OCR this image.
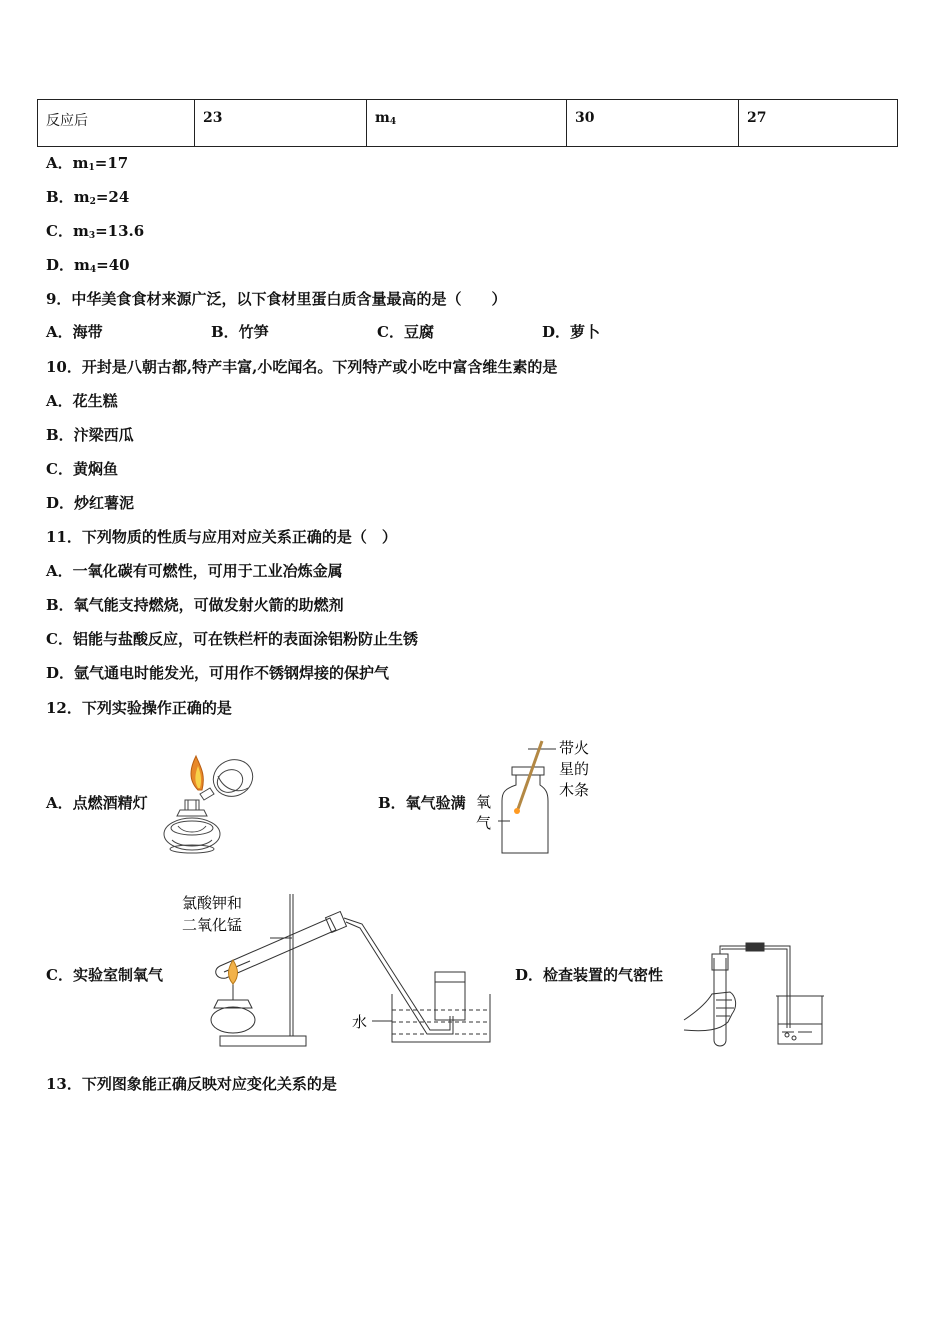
反应后	23	$m_4$	30	27
A．$m_1=17$
B．$m_2=24$
C．$m_3=13.6$
D．$m_4=40$
9．中华美食食材来源广泛，以下食材里蛋白质含量最高的是（　　）
A．海带	B．竹笋	C．豆腐	D．萝卜
10．开封是八朝古都,特产丰富,小吃闻名。下列特产或小吃中富含维生素的是
A．花生糕
B．汴梁西瓜
C．黄焖鱼
D．炒红薯泥
11．下列物质的性质与应用对应关系正确的是（　）
A．一氧化碳有可燃性，可用于工业冶炼金属
B．氧气能支持燃烧，可做发射火箭的助燃剂
C．铝能与盐酸反应，可在铁栏杆的表面涂铝粉防止生锈
D．氩气通电时能发光，可用作不锈钢焊接的保护气
12．下列实验操作正确的是
A．点燃酒精灯	B．氧气验满
C．实验室制氧气	D．检查装置的气密性
带火
星的
木条
氧
气
氯酸钾和
二氧化锰
水
13．下列图象能正确反映对应变化关系的是
